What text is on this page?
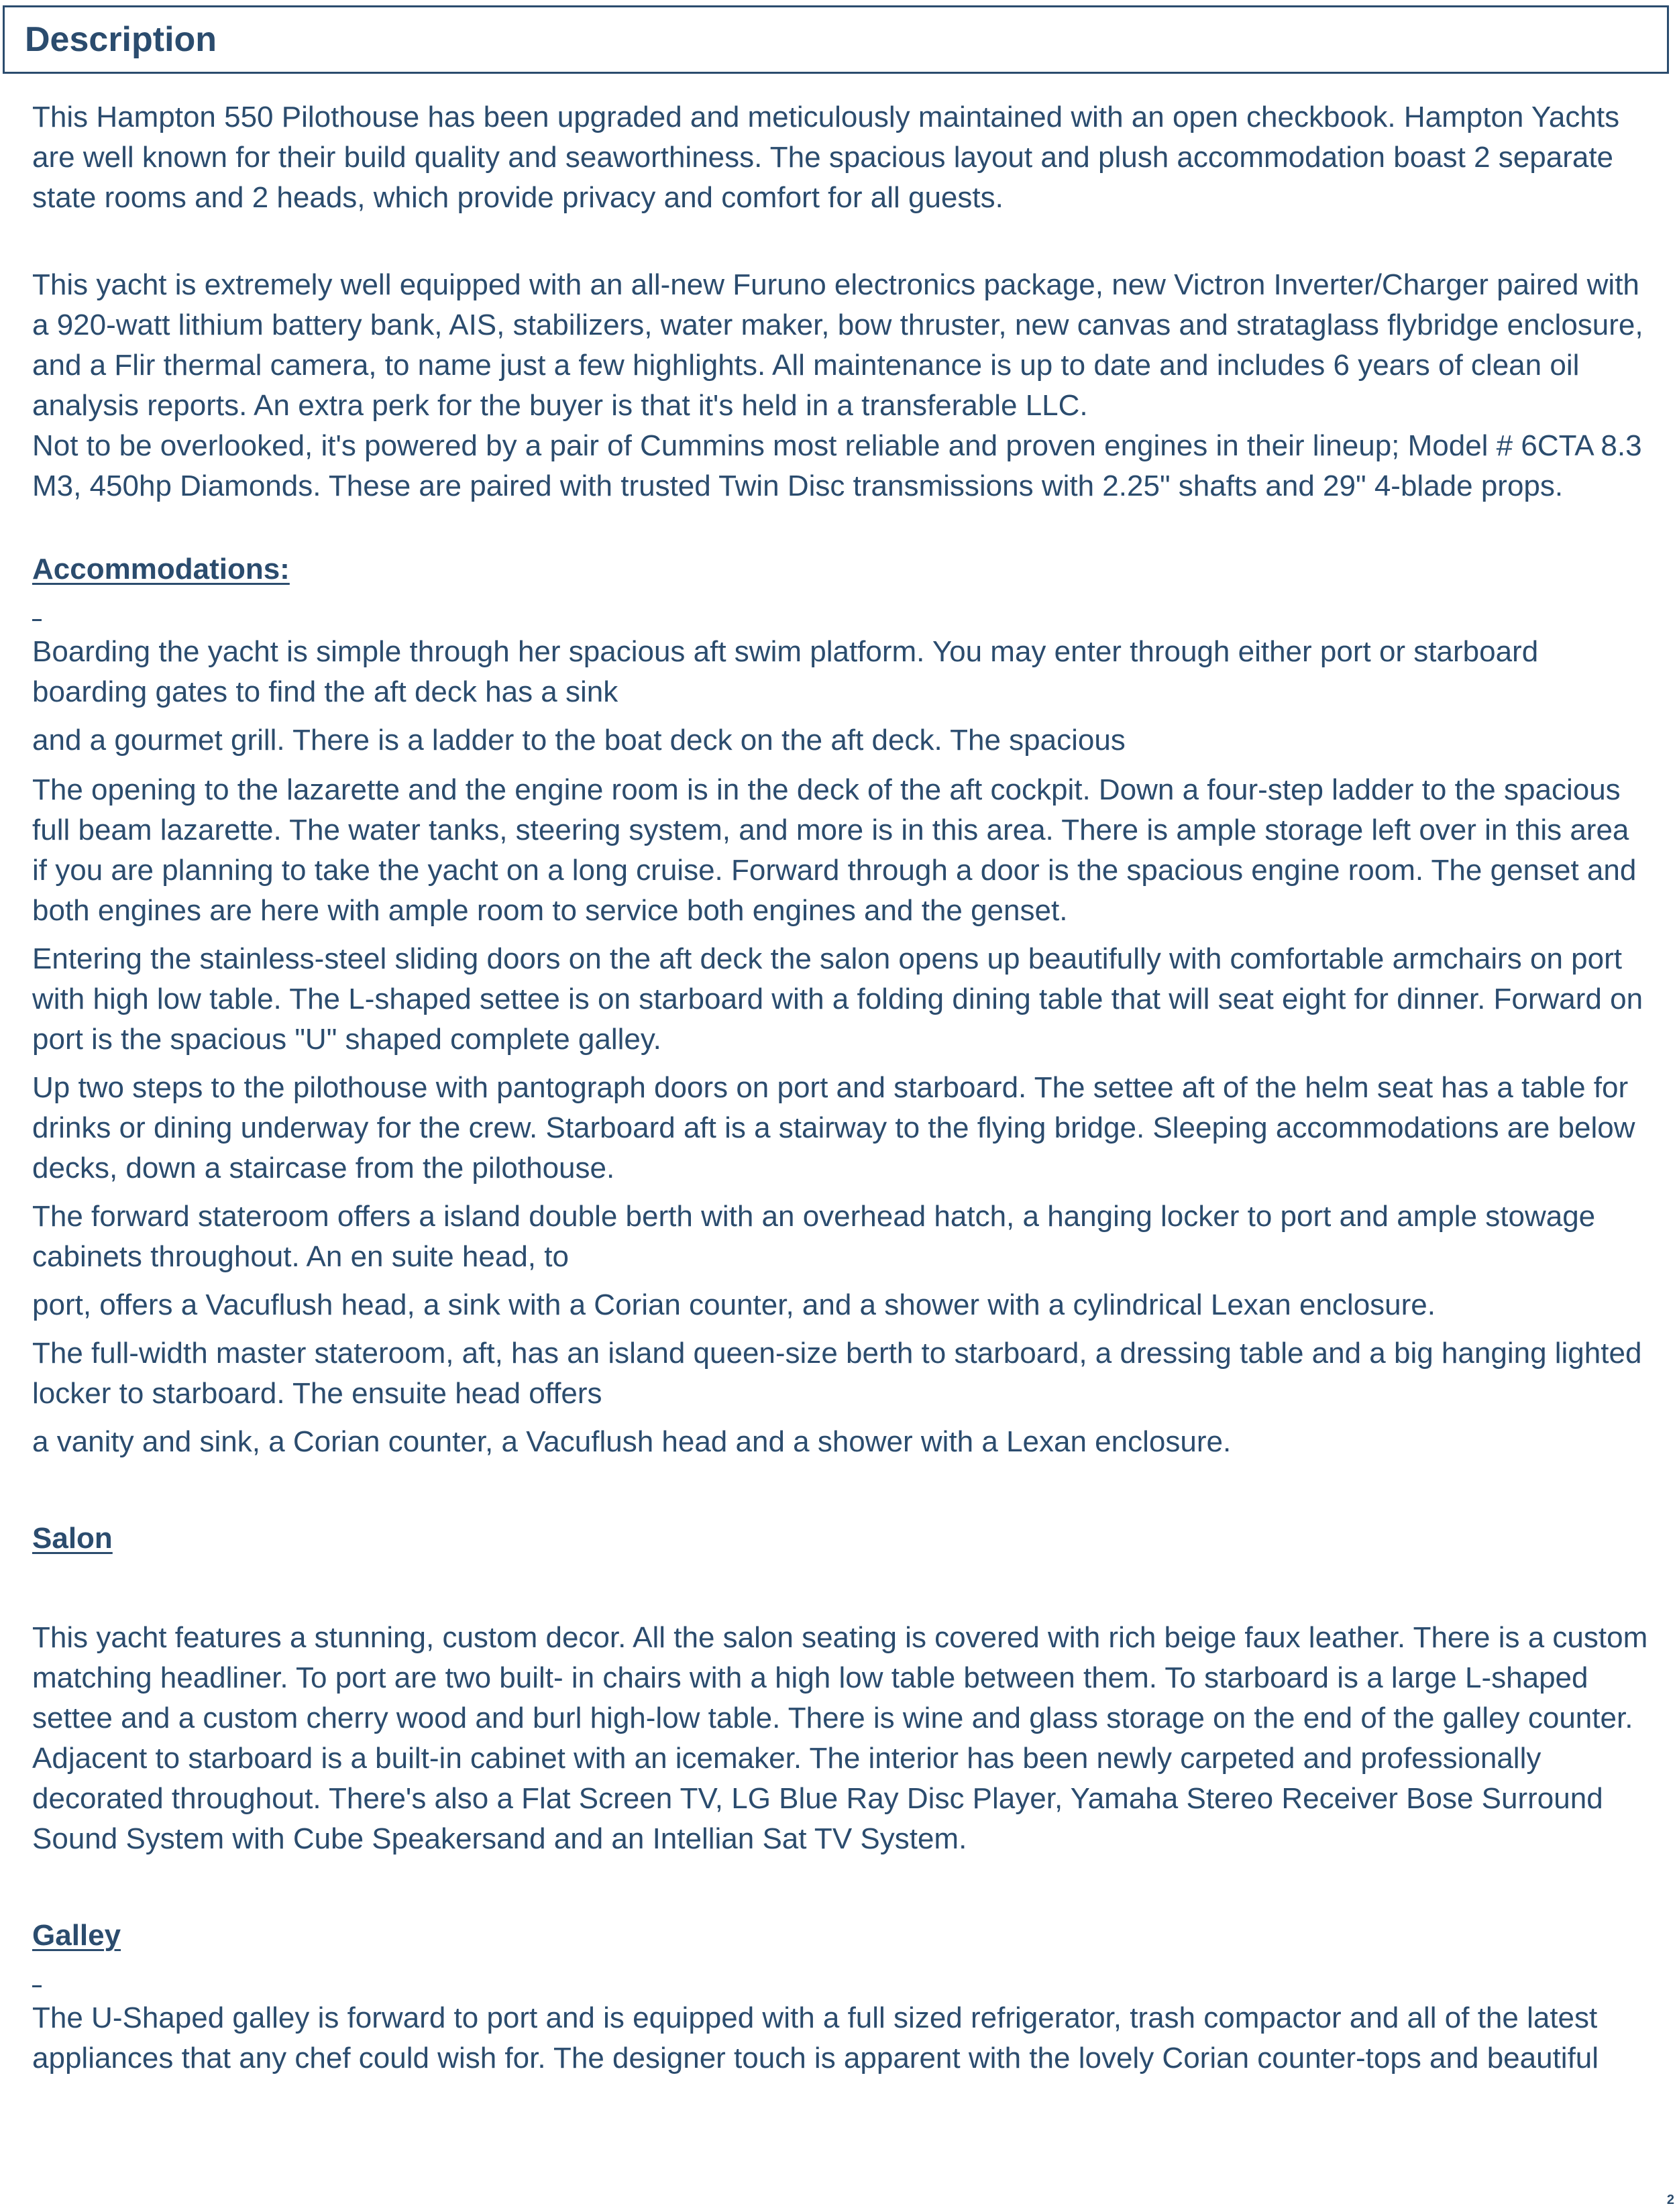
Description

This Hampton 550 Pilothouse has been upgraded and meticulously maintained with an open checkbook. Hampton Yachts are well known for their build quality and seaworthiness. The spacious layout and plush accommodation boast 2 separate state rooms and 2 heads, which provide privacy and comfort for all guests.

This yacht is extremely well equipped with an all-new Furuno electronics package, new Victron Inverter/Charger paired with a 920-watt lithium battery bank, AIS, stabilizers, water maker, bow thruster, new canvas and strataglass flybridge enclosure, and a Flir thermal camera, to name just a few highlights. All maintenance is up to date and includes 6 years of clean oil analysis reports. An extra perk for the buyer is that it's held in a transferable LLC.

Not to be overlooked, it's powered by a pair of Cummins most reliable and proven engines in their lineup; Model # 6CTA 8.3 M3, 450hp Diamonds. These are paired with trusted Twin Disc transmissions with 2.25" shafts and 29" 4-blade props.

Accommodations:

Boarding the yacht is simple through her spacious aft swim platform. You may enter through either port or starboard boarding gates to find the aft deck has a sink

and a gourmet grill. There is a ladder to the boat deck on the aft deck. The spacious

The opening to the lazarette and the engine room is in the deck of the aft cockpit. Down a four-step ladder to the spacious full beam lazarette. The water tanks, steering system, and more is in this area. There is ample storage left over in this area if you are planning to take the yacht on a long cruise. Forward through a door is the spacious engine room. The genset and both engines are here with ample room to service both engines and the genset.

Entering the stainless-steel sliding doors on the aft deck the salon opens up beautifully with comfortable armchairs on port with high low table. The L-shaped settee is on starboard with a folding dining table that will seat eight for dinner. Forward on port is the spacious "U" shaped complete galley.

Up two steps to the pilothouse with pantograph doors on port and starboard. The settee aft of the helm seat has a table for drinks or dining underway for the crew. Starboard aft is a stairway to the flying bridge. Sleeping accommodations are below decks, down a staircase from the pilothouse.

The forward stateroom offers a island double berth with an overhead hatch, a hanging locker to port and ample stowage cabinets throughout. An en suite head, to

port, offers a Vacuflush head, a sink with a Corian counter, and a shower with a cylindrical Lexan enclosure.

The full-width master stateroom, aft, has an island queen-size berth to starboard, a dressing table and a big hanging lighted locker to starboard. The ensuite head offers

a vanity and sink, a Corian counter, a Vacuflush head and a shower with a Lexan enclosure.

Salon

This yacht features a stunning, custom decor. All the salon seating is covered with rich beige faux leather. There is a custom matching headliner. To port are two built- in chairs with a high low table between them. To starboard is a large L-shaped settee and a custom cherry wood and burl high-low table. There is wine and glass storage on the end of the galley counter. Adjacent to starboard is a built-in cabinet with an icemaker. The interior has been newly carpeted and professionally decorated throughout. There's also a Flat Screen TV, LG Blue Ray Disc Player, Yamaha Stereo Receiver Bose Surround Sound System with Cube Speakersand and an Intellian Sat TV System.

Galley

The U-Shaped galley is forward to port and is equipped with a full sized refrigerator, trash compactor and all of the latest appliances that any chef could wish for. The designer touch is apparent with the lovely Corian counter-tops and beautiful

2
